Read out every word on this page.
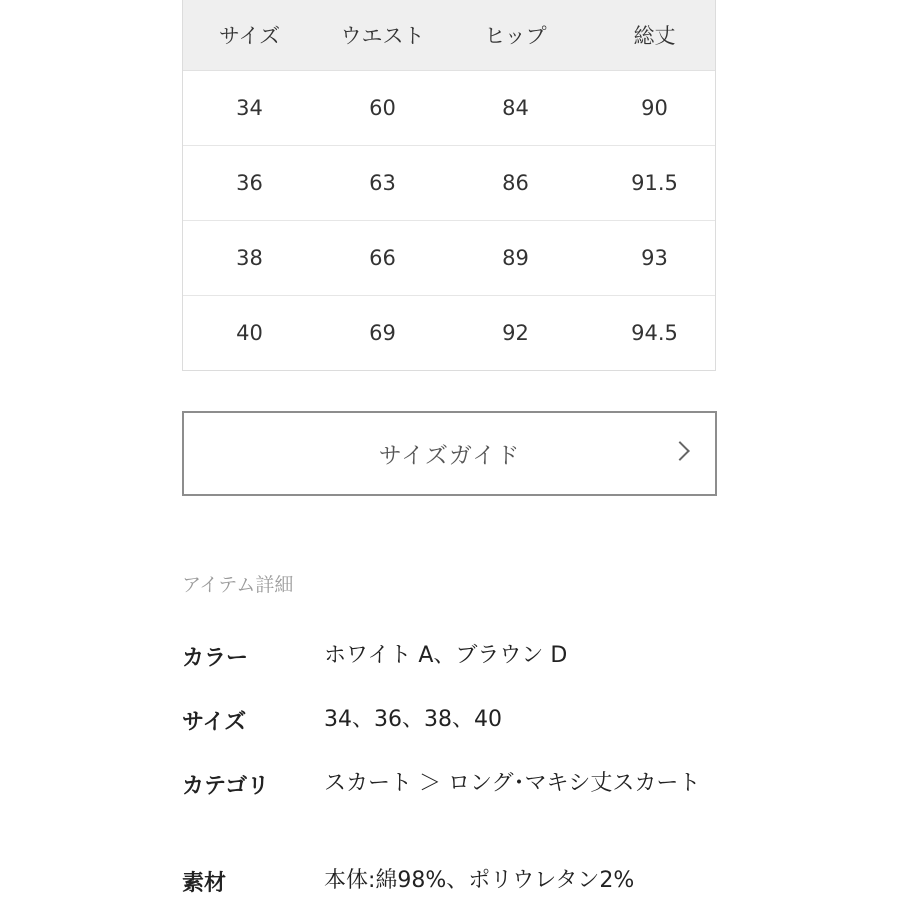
サイズ	ウエスト	ヒップ	総丈
34	60	84	90
36	63	86	91.5
38	66	89	93
40	69	92	94.5
サイズガイド
アイテム詳細
カラー	ホワイト A、ブラウン D
サイズ	34、36、38、40
カテゴリ スカート ＞ ロング･マキシ丈スカート
素材	本体:綿98%、ポリウレタン2%
